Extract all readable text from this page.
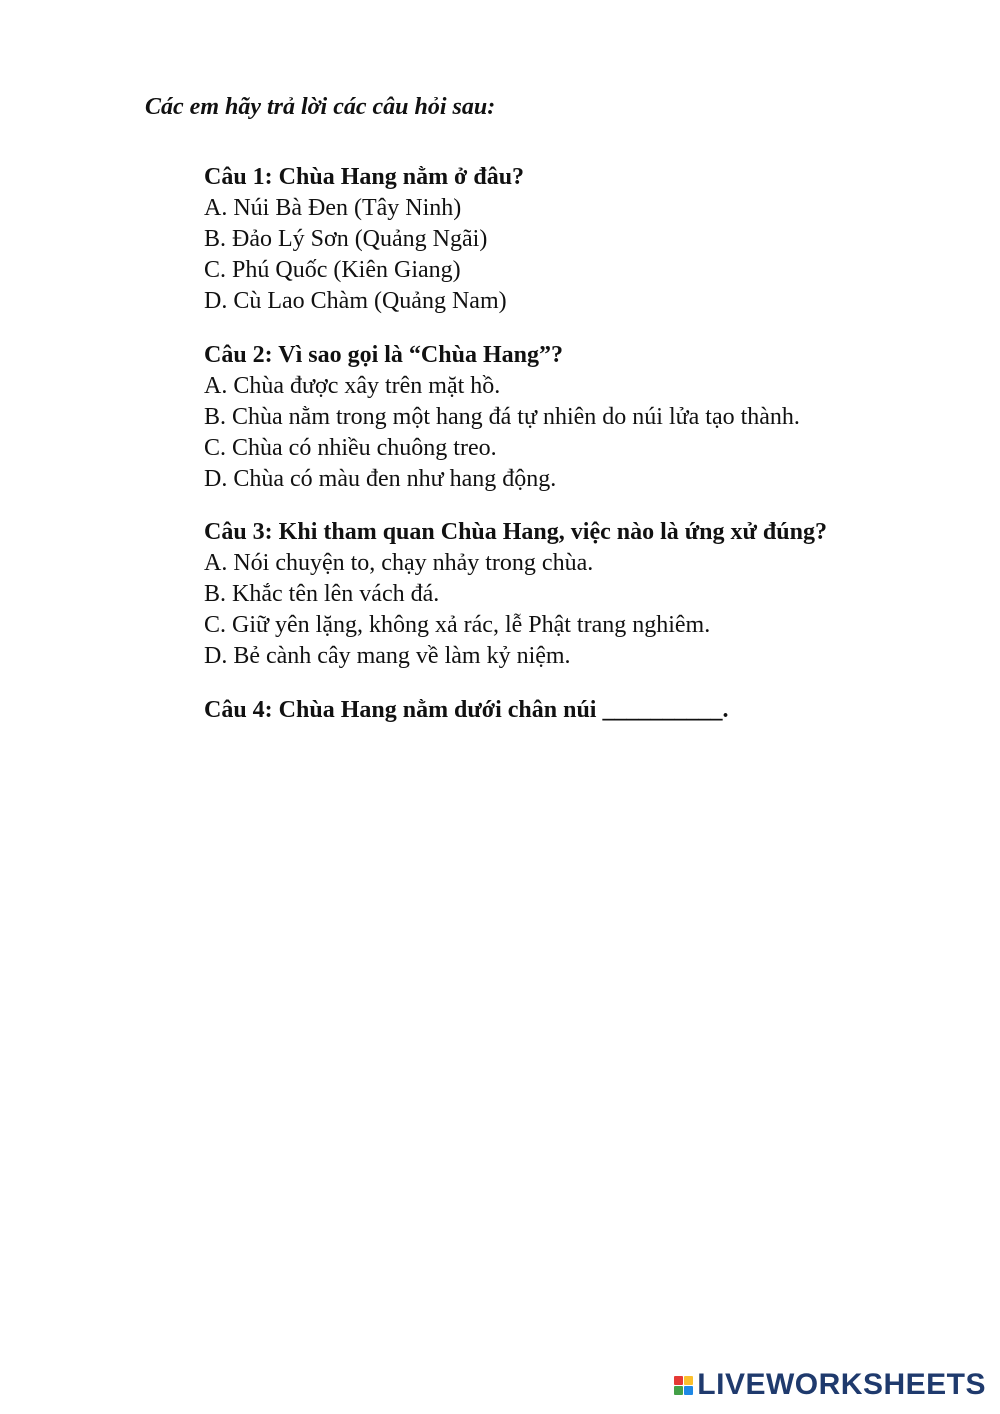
Các em hãy trả lời các câu hỏi sau:

Câu 1: Chùa Hang nằm ở đâu?

A. Núi Bà Đen (Tây Ninh)

B. Đảo Lý Sơn (Quảng Ngãi)

C. Phú Quốc (Kiên Giang)

D. Cù Lao Chàm (Quảng Nam)

Câu 2: Vì sao gọi là “Chùa Hang”?

A. Chùa được xây trên mặt hồ.

B. Chùa nằm trong một hang đá tự nhiên do núi lửa tạo thành.

C. Chùa có nhiều chuông treo.

D. Chùa có màu đen như hang động.

Câu 3: Khi tham quan Chùa Hang, việc nào là ứng xử đúng?

A. Nói chuyện to, chạy nhảy trong chùa.

B. Khắc tên lên vách đá.

C. Giữ yên lặng, không xả rác, lễ Phật trang nghiêm.

D. Bẻ cành cây mang về làm kỷ niệm.

Câu 4: Chùa Hang nằm dưới chân núi __________.

LIVEWORKSHEETS
